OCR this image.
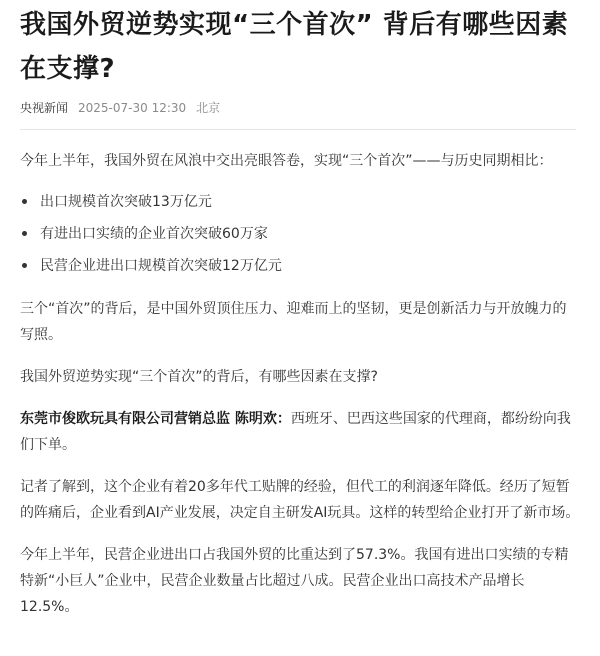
我国外贸逆势实现“三个首次” 背后有哪些因素在支撑?
央视新闻 2025-07-30 12:30 北京

今年上半年，我国外贸在风浪中交出亮眼答卷，实现“三个首次”——与历史同期相比：

出口规模首次突破13万亿元
有进出口实绩的企业首次突破60万家
民营企业进出口规模首次突破12万亿元

三个“首次”的背后，是中国外贸顶住压力、迎难而上的坚韧，更是创新活力与开放魄力的写照。

我国外贸逆势实现“三个首次”的背后，有哪些因素在支撑?

东莞市俊欧玩具有限公司营销总监 陈明欢：西班牙、巴西这些国家的代理商，都纷纷向我们下单。

记者了解到，这个企业有着20多年代工贴牌的经验，但代工的利润逐年降低。经历了短暂的阵痛后，企业看到AI产业发展，决定自主研发AI玩具。这样的转型给企业打开了新市场。

今年上半年，民营企业进出口占我国外贸的比重达到了57.3%。我国有进出口实绩的专精特新“小巨人”企业中，民营企业数量占比超过八成。民营企业出口高技术产品增长12.5%。
